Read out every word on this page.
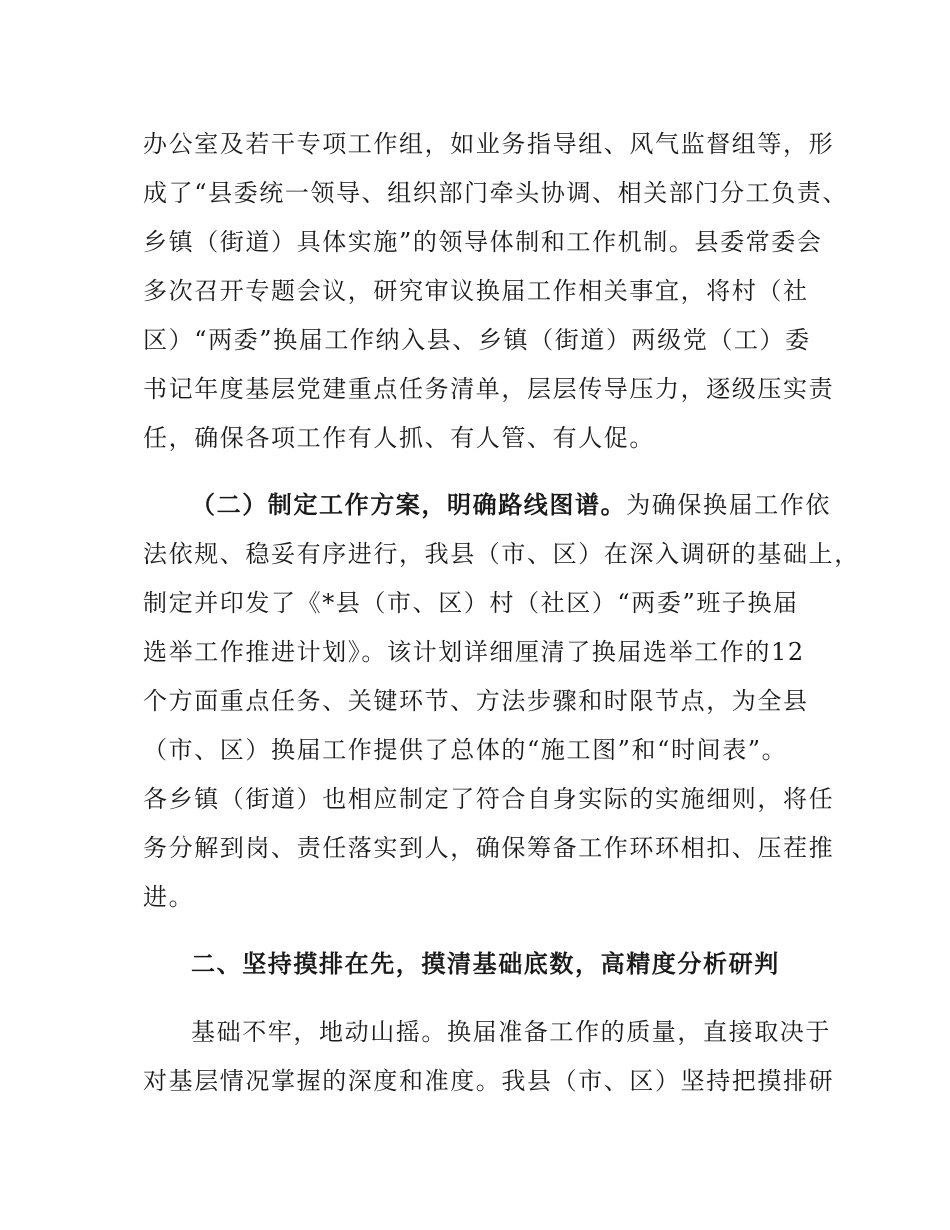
办公室及若干专项工作组，如业务指导组、风气监督组等，形
成了“县委统一领导、组织部门牵头协调、相关部门分工负责、
乡镇（街道）具体实施”的领导体制和工作机制。县委常委会
多次召开专题会议，研究审议换届工作相关事宜，将村（社
区）“两委”换届工作纳入县、乡镇（街道）两级党（工）委
书记年度基层党建重点任务清单，层层传导压力，逐级压实责
任，确保各项工作有人抓、有人管、有人促。
（二）制定工作方案，明确路线图谱。为确保换届工作依
法依规、稳妥有序进行，我县（市、区）在深入调研的基础上，
制定并印发了《*县（市、区）村（社区）“两委”班子换届
选举工作推进计划》。该计划详细厘清了换届选举工作的12
个方面重点任务、关键环节、方法步骤和时限节点，为全县
（市、区）换届工作提供了总体的“施工图”和“时间表”。
各乡镇（街道）也相应制定了符合自身实际的实施细则，将任
务分解到岗、责任落实到人，确保筹备工作环环相扣、压茬推
进。
二、坚持摸排在先，摸清基础底数，高精度分析研判
基础不牢，地动山摇。换届准备工作的质量，直接取决于
对基层情况掌握的深度和准度。我县（市、区）坚持把摸排研
